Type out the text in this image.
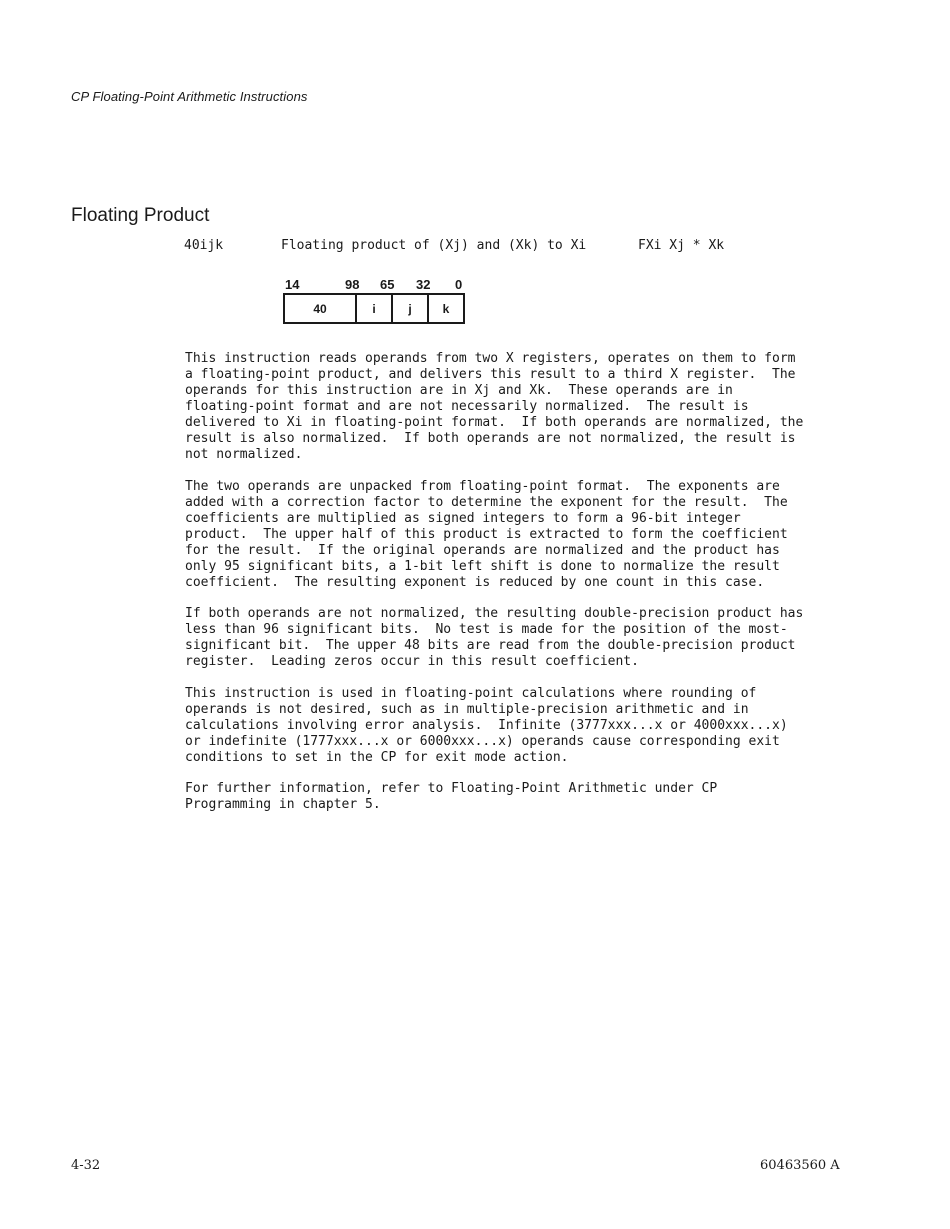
CP Floating-Point Arithmetic Instructions
Floating Product
40ijk	Floating product of (Xj) and (Xk) to Xi	FXi Xj * Xk
14	98 65 32 0
40	i	j	k

This instruction reads operands from two X registers, operates on them to form
a floating-point product, and delivers this result to a third X register.  The
operands for this instruction are in Xj and Xk.  These operands are in
floating-point format and are not necessarily normalized.  The result is
delivered to Xi in floating-point format.  If both operands are normalized, the
result is also normalized.  If both operands are not normalized, the result is
not normalized.

The two operands are unpacked from floating-point format.  The exponents are
added with a correction factor to determine the exponent for the result.  The
coefficients are multiplied as signed integers to form a 96-bit integer
product.  The upper half of this product is extracted to form the coefficient
for the result.  If the original operands are normalized and the product has
only 95 significant bits, a 1-bit left shift is done to normalize the result
coefficient.  The resulting exponent is reduced by one count in this case.

If both operands are not normalized, the resulting double-precision product has
less than 96 significant bits.  No test is made for the position of the most-
significant bit.  The upper 48 bits are read from the double-precision product
register.  Leading zeros occur in this result coefficient.

This instruction is used in floating-point calculations where rounding of
operands is not desired, such as in multiple-precision arithmetic and in
calculations involving error analysis.  Infinite (3777xxx...x or 4000xxx...x)
or indefinite (1777xxx...x or 6000xxx...x) operands cause corresponding exit
conditions to set in the CP for exit mode action.

For further information, refer to Floating-Point Arithmetic under CP
Programming in chapter 5.

4-32	60463560 A
